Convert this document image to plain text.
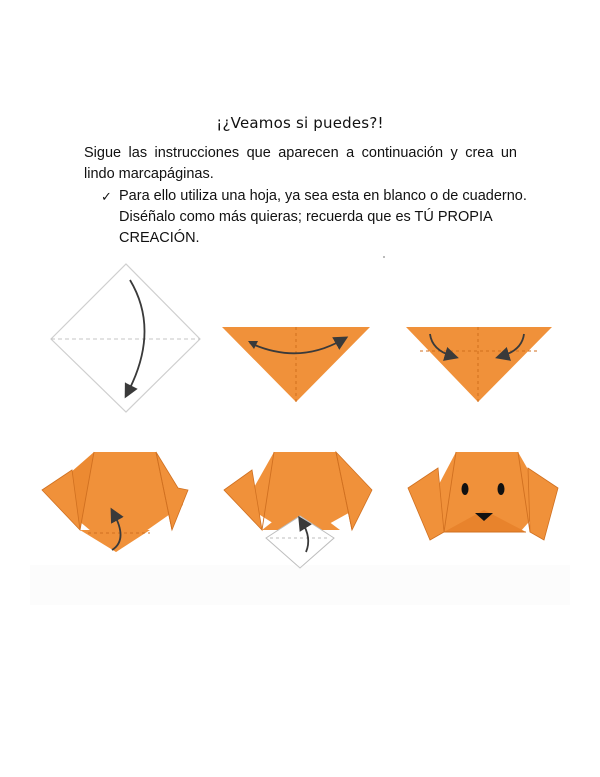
¡¿Veamos si puedes?!
Sigue las instrucciones que aparecen a continuación y crea un lindo marcapáginas.
✓ Para ello utiliza una hoja, ya sea esta en blanco o de cuaderno. Diséñalo como más quieras; recuerda que es TÚ PROPIA CREACIÓN.
